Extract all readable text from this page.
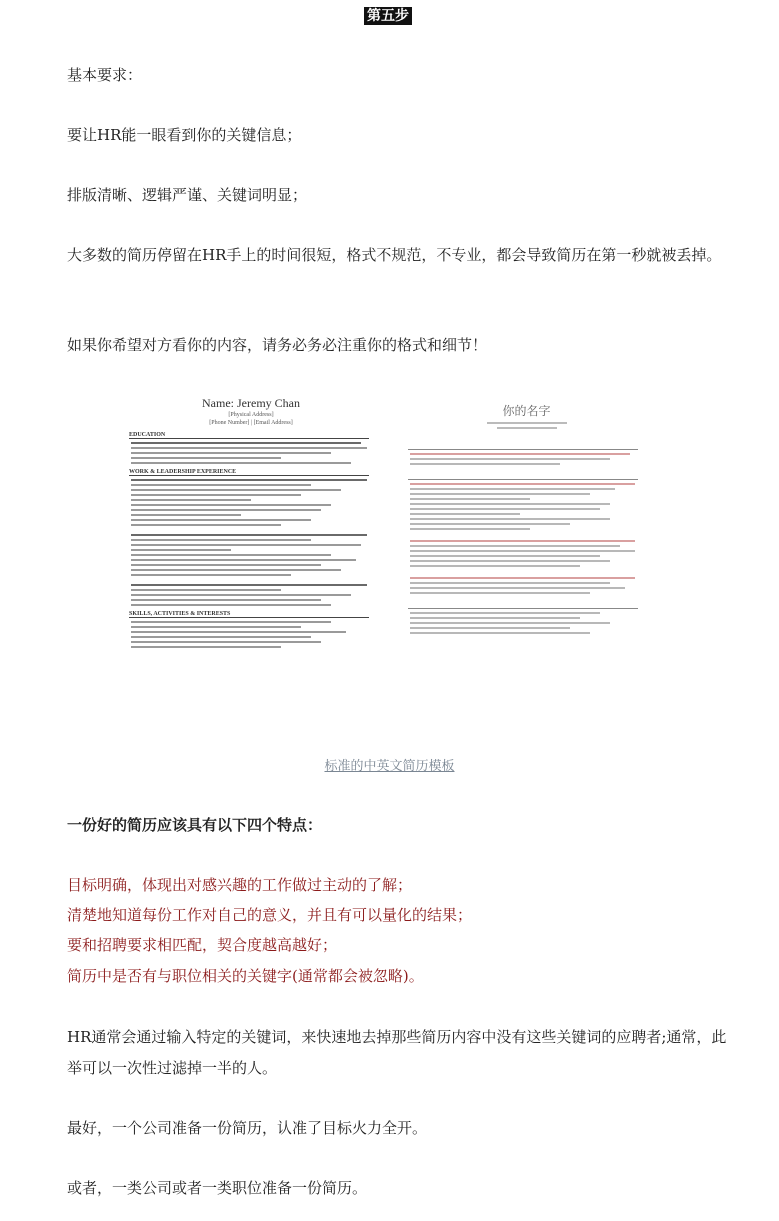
第五步

基本要求：

要让HR能一眼看到你的关键信息；

排版清晰、逻辑严谨、关键词明显；

大多数的简历停留在HR手上的时间很短，格式不规范，不专业，都会导致简历在第一秒就被丢掉。

如果你希望对方看你的内容，请务必务必注重你的格式和细节！

Name: Jeremy Chan
[Physical Address]
[Phone Number] | [Email Address]
EDUCATION
WORK & LEADERSHIP EXPERIENCE
SKILLS, ACTIVITIES & INTERESTS
你的名字
标准的中英文简历模板

一份好的简历应该具有以下四个特点：

目标明确，体现出对感兴趣的工作做过主动的了解；

清楚地知道每份工作对自己的意义，并且有可以量化的结果；

要和招聘要求相匹配，契合度越高越好；

简历中是否有与职位相关的关键字(通常都会被忽略)。

HR通常会通过输入特定的关键词，来快速地去掉那些简历内容中没有这些关键词的应聘者;通常，此举可以一次性过滤掉一半的人。

最好，一个公司准备一份简历，认准了目标火力全开。

或者，一类公司或者一类职位准备一份简历。
